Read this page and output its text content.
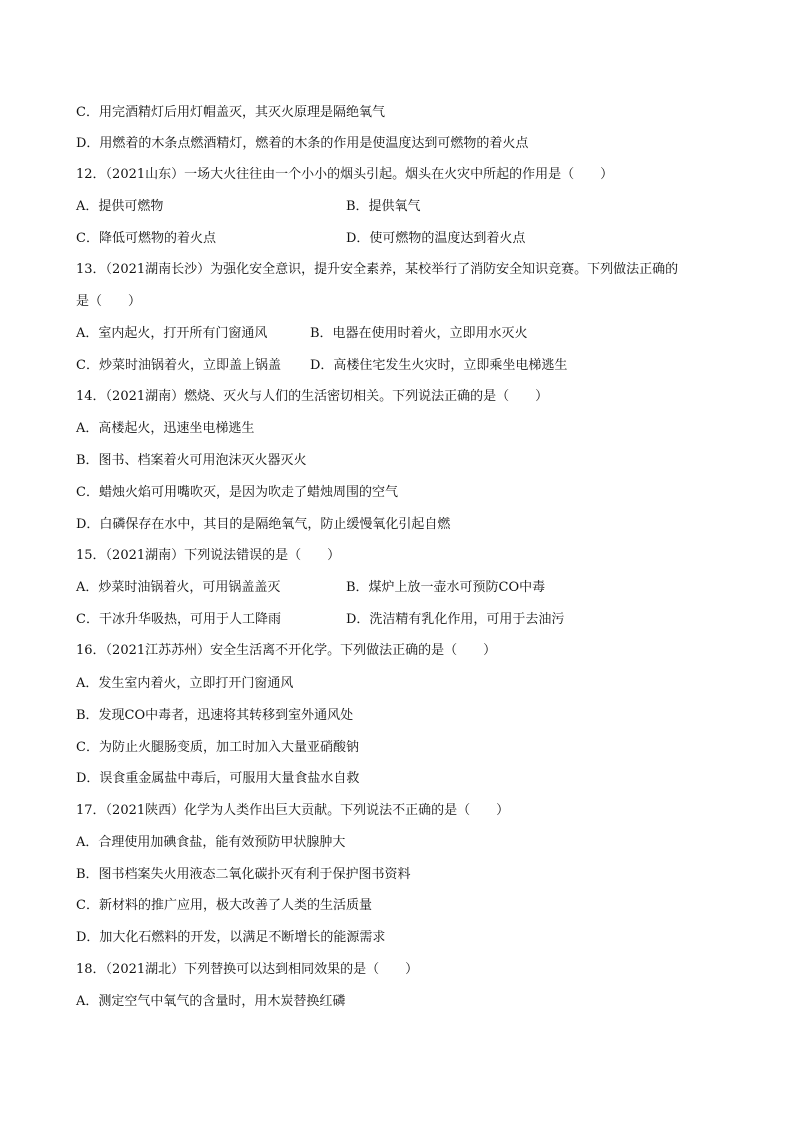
C．用完酒精灯后用灯帽盖灭，其灭火原理是隔绝氧气
D．用燃着的木条点燃酒精灯，燃着的木条的作用是使温度达到可燃物的着火点
12．（2021山东）一场大火往往由一个小小的烟头引起。烟头在火灾中所起的作用是（　　）
A．提供可燃物	B．提供氧气
C．降低可燃物的着火点	D．使可燃物的温度达到着火点
13．（2021湖南长沙）为强化安全意识，提升安全素养，某校举行了消防安全知识竞赛。下列做法正确的
是（　　）
A．室内起火，打开所有门窗通风	B．电器在使用时着火，立即用水灭火
C．炒菜时油锅着火，立即盖上锅盖 D．高楼住宅发生火灾时，立即乘坐电梯逃生
14．（2021湖南）燃烧、灭火与人们的生活密切相关。下列说法正确的是（　　）
A．高楼起火，迅速坐电梯逃生
B．图书、档案着火可用泡沫灭火器灭火
C．蜡烛火焰可用嘴吹灭，是因为吹走了蜡烛周围的空气
D．白磷保存在水中，其目的是隔绝氧气，防止缓慢氧化引起自燃
15．（2021湖南）下列说法错误的是（　　）
A．炒菜时油锅着火，可用锅盖盖灭	B．煤炉上放一壶水可预防CO中毒
C．干冰升华吸热，可用于人工降雨	D．洗洁精有乳化作用，可用于去油污
16．（2021江苏苏州）安全生活离不开化学。下列做法正确的是（　　）
A．发生室内着火，立即打开门窗通风
B．发现CO中毒者，迅速将其转移到室外通风处
C．为防止火腿肠变质，加工时加入大量亚硝酸钠
D．误食重金属盐中毒后，可服用大量食盐水自救
17．（2021陕西）化学为人类作出巨大贡献。下列说法不正确的是（　　）
A．合理使用加碘食盐，能有效预防甲状腺肿大
B．图书档案失火用液态二氧化碳扑灭有利于保护图书资料
C．新材料的推广应用，极大改善了人类的生活质量
D．加大化石燃料的开发，以满足不断增长的能源需求
18．（2021湖北）下列替换可以达到相同效果的是（　　）
A．测定空气中氧气的含量时，用木炭替换红磷
